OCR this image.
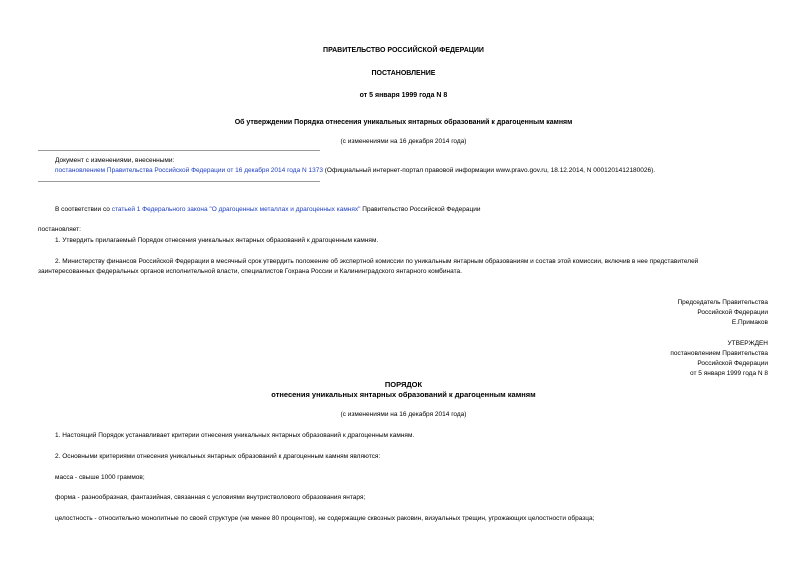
ПРАВИТЕЛЬСТВО РОССИЙСКОЙ ФЕДЕРАЦИИ
ПОСТАНОВЛЕНИЕ
от 5 января 1999 года N 8
Об утверждении Порядка отнесения уникальных янтарных образований к драгоценным камням
(с изменениями на 16 декабря 2014 года)
Документ с изменениями, внесенными:
постановлением Правительства Российской Федерации от 16 декабря 2014 года N 1373 (Официальный интернет-портал правовой информации www.pravo.gov.ru, 18.12.2014, N 0001201412180026).
В соответствии со статьей 1 Федерального закона "О драгоценных металлах и драгоценных камнях" Правительство Российской Федерации
постановляет:
1. Утвердить прилагаемый Порядок отнесения уникальных янтарных образований к драгоценным камням.
2. Министерству финансов Российской Федерации в месячный срок утвердить положение об экспертной комиссии по уникальным янтарным образованиям и состав этой комиссии, включив в нее представителей
заинтересованных федеральных органов исполнительной власти, специалистов Гохрана России и Калининградского янтарного комбината.
Председатель Правительства
Российской Федерации
Е.Примаков
УТВЕРЖДЕН
постановлением Правительства
Российской Федерации
от 5 января 1999 года N 8
ПОРЯДОК
отнесения уникальных янтарных образований к драгоценным камням
(с изменениями на 16 декабря 2014 года)
1. Настоящий Порядок устанавливает критерии отнесения уникальных янтарных образований к драгоценным камням.
2. Основными критериями отнесения уникальных янтарных образований к драгоценным камням являются:
масса - свыше 1000 граммов;
форма - разнообразная, фантазийная, связанная с условиями внутристволового образования янтаря;
целостность - относительно монолитные по своей структуре (не менее 80 процентов), не содержащие сквозных раковин, визуальных трещин, угрожающих целостности образца;
